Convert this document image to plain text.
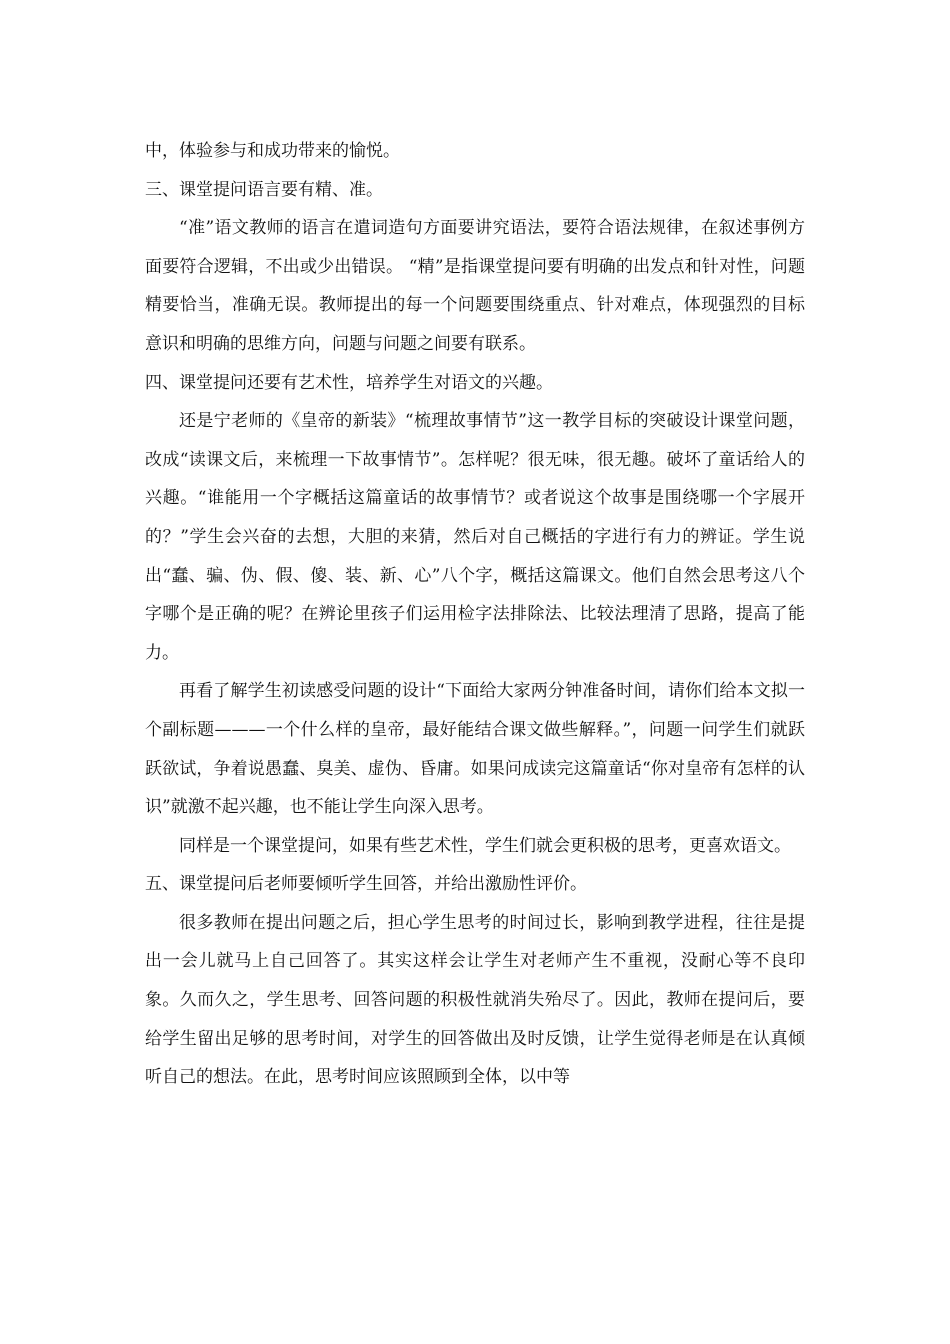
中，体验参与和成功带来的愉悦。

三、课堂提问语言要有精、准。

“准”语文教师的语言在遣词造句方面要讲究语法，要符合语法规律，在叙述事例方面要符合逻辑，不出或少出错误。 “精”是指课堂提问要有明确的出发点和针对性，问题精要恰当，准确无误。教师提出的每一个问题要围绕重点、针对难点，体现强烈的目标意识和明确的思维方向，问题与问题之间要有联系。

四、课堂提问还要有艺术性，培养学生对语文的兴趣。

还是宁老师的《皇帝的新装》“梳理故事情节”这一教学目标的突破设计课堂问题，改成“读课文后，来梳理一下故事情节”。怎样呢？很无味，很无趣。破坏了童话给人的兴趣。“谁能用一个字概括这篇童话的故事情节？或者说这个故事是围绕哪一个字展开的？”学生会兴奋的去想，大胆的来猜，然后对自己概括的字进行有力的辨证。学生说出“蠢、骗、伪、假、傻、装、新、心”八个字，概括这篇课文。他们自然会思考这八个字哪个是正确的呢？在辨论里孩子们运用检字法排除法、比较法理清了思路，提高了能力。

再看了解学生初读感受问题的设计“下面给大家两分钟准备时间，请你们给本文拟一个副标题———一个什么样的皇帝，最好能结合课文做些解释。”，问题一问学生们就跃跃欲试，争着说愚蠢、臭美、虚伪、昏庸。如果问成读完这篇童话“你对皇帝有怎样的认识”就激不起兴趣，也不能让学生向深入思考。

同样是一个课堂提问，如果有些艺术性，学生们就会更积极的思考，更喜欢语文。

五、课堂提问后老师要倾听学生回答，并给出激励性评价。

很多教师在提出问题之后，担心学生思考的时间过长，影响到教学进程，往往是提出一会儿就马上自己回答了。其实这样会让学生对老师产生不重视，没耐心等不良印象。久而久之，学生思考、回答问题的积极性就消失殆尽了。因此，教师在提问后，要给学生留出足够的思考时间，对学生的回答做出及时反馈，让学生觉得老师是在认真倾听自己的想法。在此，思考时间应该照顾到全体，以中等
